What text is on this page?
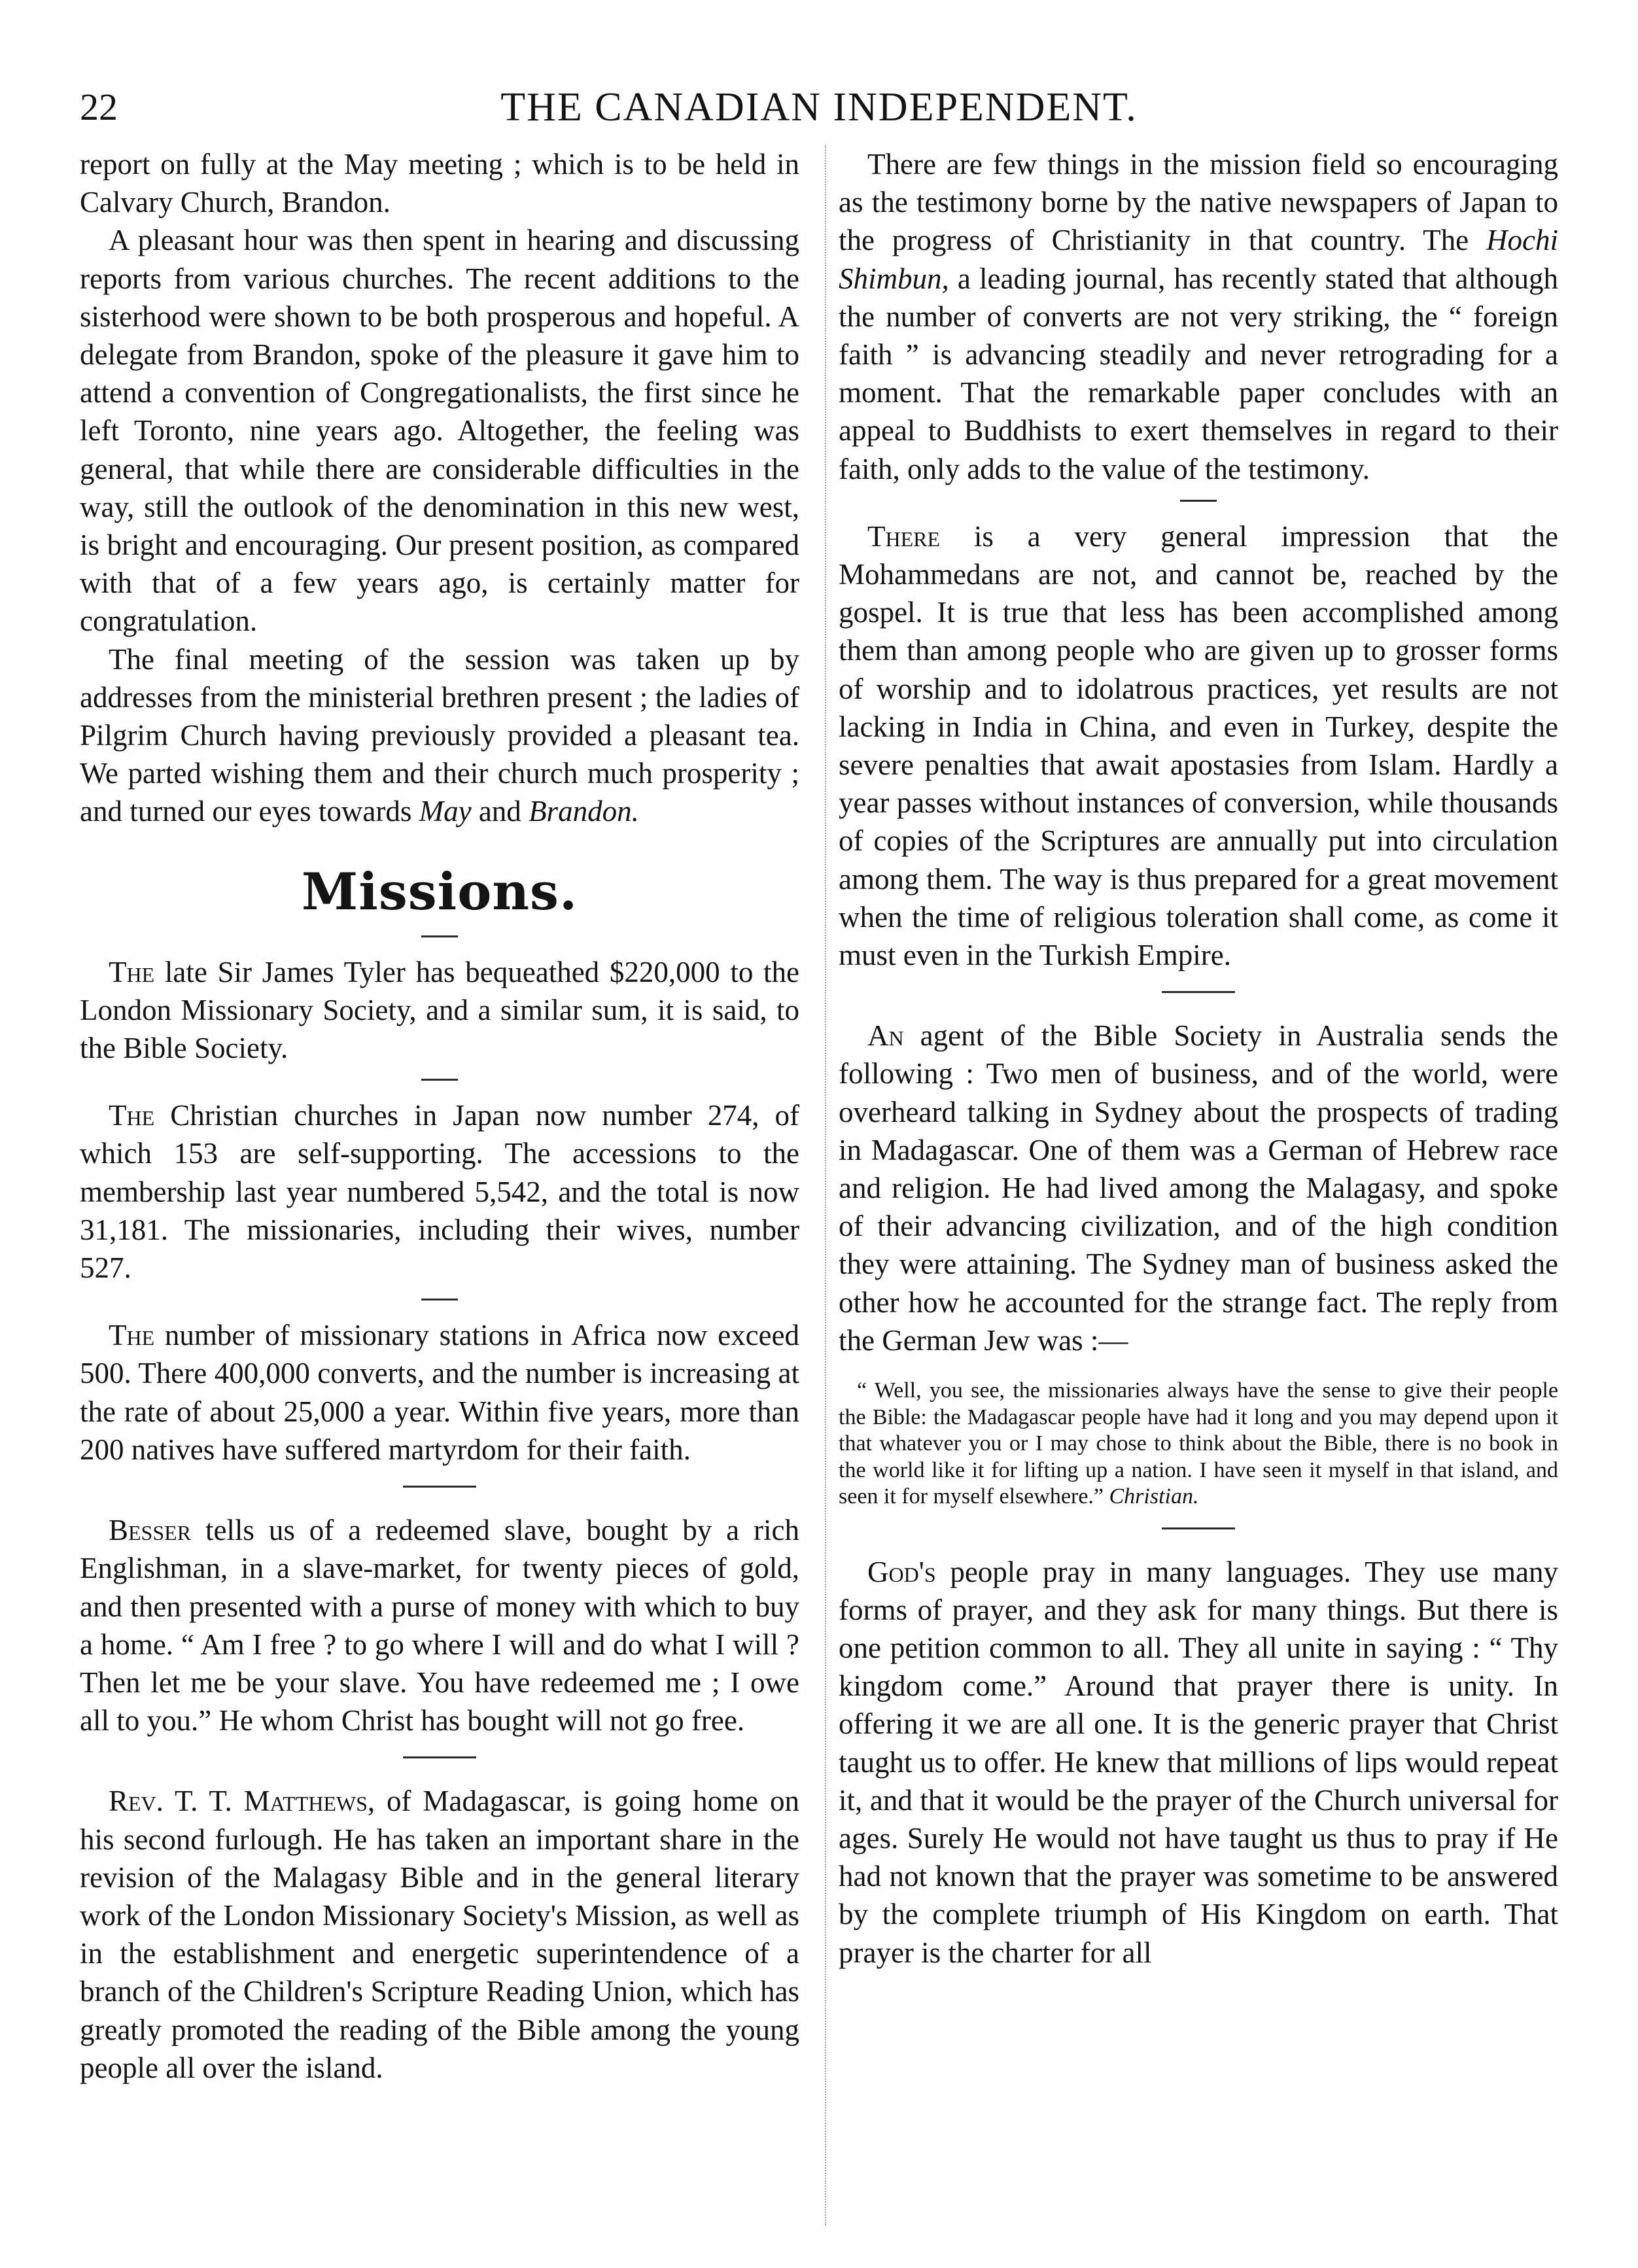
22	THE CANADIAN INDEPENDENT.

report on fully at the May meeting ; which is to be held in Calvary Church, Brandon.

A pleasant hour was then spent in hearing and discussing reports from various churches. The recent additions to the sisterhood were shown to be both prosperous and hopeful. A delegate from Brandon, spoke of the pleasure it gave him to attend a convention of Congregationalists, the first since he left Toronto, nine years ago. Altogether, the feeling was general, that while there are considerable difficulties in the way, still the outlook of the denomination in this new west, is bright and encouraging. Our present position, as compared with that of a few years ago, is certainly matter for congratulation.

The final meeting of the session was taken up by addresses from the ministerial brethren present ; the ladies of Pilgrim Church having previously provided a pleasant tea. We parted wishing them and their church much prosperity ; and turned our eyes towards May and Brandon.

Missions.

The late Sir James Tyler has bequeathed $220,000 to the London Missionary Society, and a similar sum, it is said, to the Bible Society.

The Christian churches in Japan now number 274, of which 153 are self-supporting. The accessions to the membership last year numbered 5,542, and the total is now 31,181. The missionaries, including their wives, number 527.

The number of missionary stations in Africa now exceed 500. There 400,000 converts, and the number is increasing at the rate of about 25,000 a year. Within five years, more than 200 natives have suffered martyrdom for their faith.

Besser tells us of a redeemed slave, bought by a rich Englishman, in a slave-market, for twenty pieces of gold, and then presented with a purse of money with which to buy a home. “ Am I free ? to go where I will and do what I will ? Then let me be your slave. You have redeemed me ; I owe all to you.” He whom Christ has bought will not go free.

Rev. T. T. Matthews, of Madagascar, is going home on his second furlough. He has taken an important share in the revision of the Malagasy Bible and in the general literary work of the London Missionary Society's Mission, as well as in the establishment and energetic superintendence of a branch of the Children's Scripture Reading Union, which has greatly promoted the reading of the Bible among the young people all over the island.

There are few things in the mission field so encouraging as the testimony borne by the native newspapers of Japan to the progress of Christianity in that country. The Hochi Shimbun, a leading journal, has recently stated that although the number of converts are not very striking, the “ foreign faith ” is advancing steadily and never retrograding for a moment. That the remarkable paper concludes with an appeal to Buddhists to exert themselves in regard to their faith, only adds to the value of the testimony.

There is a very general impression that the Mohammedans are not, and cannot be, reached by the gospel. It is true that less has been accomplished among them than among people who are given up to grosser forms of worship and to idolatrous practices, yet results are not lacking in India in China, and even in Turkey, despite the severe penalties that await apostasies from Islam. Hardly a year passes without instances of conversion, while thousands of copies of the Scriptures are annually put into circulation among them. The way is thus prepared for a great movement when the time of religious toleration shall come, as come it must even in the Turkish Empire.

An agent of the Bible Society in Australia sends the following : Two men of business, and of the world, were overheard talking in Sydney about the prospects of trading in Madagascar. One of them was a German of Hebrew race and religion. He had lived among the Malagasy, and spoke of their advancing civilization, and of the high condition they were attaining. The Sydney man of business asked the other how he accounted for the strange fact. The reply from the German Jew was :—

“ Well, you see, the missionaries always have the sense to give their people the Bible: the Madagascar people have had it long and you may depend upon it that whatever you or I may chose to think about the Bible, there is no book in the world like it for lifting up a nation. I have seen it myself in that island, and seen it for myself elsewhere.” Christian.

God's people pray in many languages. They use many forms of prayer, and they ask for many things. But there is one petition common to all. They all unite in saying : “ Thy kingdom come.” Around that prayer there is unity. In offering it we are all one. It is the generic prayer that Christ taught us to offer. He knew that millions of lips would repeat it, and that it would be the prayer of the Church universal for ages. Surely He would not have taught us thus to pray if He had not known that the prayer was sometime to be answered by the complete triumph of His Kingdom on earth. That prayer is the charter for all
